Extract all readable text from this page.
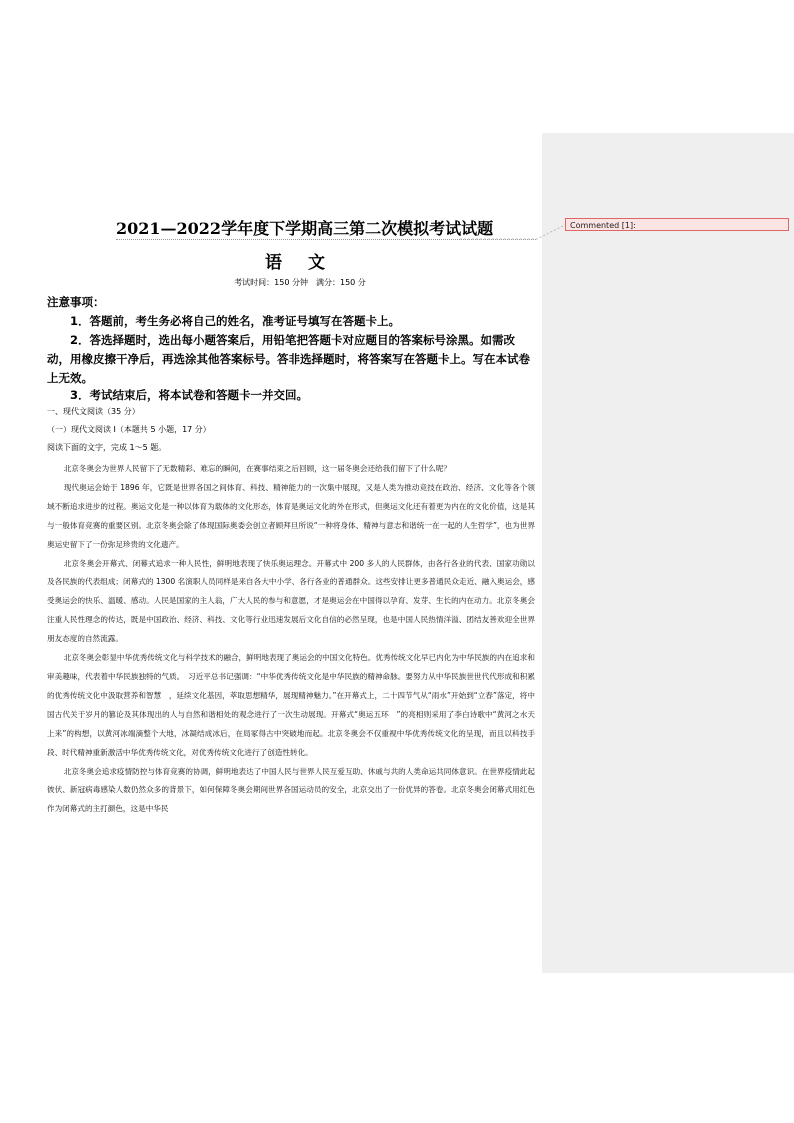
2021—2022学年度下学期高三第二次模拟考试试题
语 文
考试时间：150 分钟　满分：150 分
注意事项：
1．答题前，考生务必将自己的姓名，准考证号填写在答题卡上。
2．答选择题时，选出每小题答案后，用铅笔把答题卡对应题目的答案标号涂黑。如需改动，用橡皮擦干净后，再选涂其他答案标号。答非选择题时，将答案写在答题卡上。写在本试卷上无效。
3．考试结束后，将本试卷和答题卡一并交回。
一、现代文阅读（35 分）
（一）现代文阅读 I（本题共 5 小题，17 分）
阅读下面的文字，完成 1～5 题。

北京冬奥会为世界人民留下了无数精彩、难忘的瞬间，在赛事结束之后回顾，这一届冬奥会还给我们留下了什么呢？

现代奥运会始于 1896 年，它既是世界各国之间体育、科技、精神能力的一次集中展现，又是人类为推动竞技在政治、经济、文化等各个领域不断追求进步的过程。奥运文化是一种以体育为载体的文化形态，体育是奥运文化的外在形式，但奥运文化还有着更为内在的文化价值，这是其与一般体育竞赛的重要区别。北京冬奥会除了体现国际奥委会创立者顾拜旦所说“一种将身体、精神与意志和谐统一在一起的人生哲学”，也为世界奥运史留下了一份弥足珍贵的文化遗产。

北京冬奥会开幕式、闭幕式追求一种人民性，鲜明地表现了快乐奥运理念。开幕式中 200 多人的人民群体，由各行各业的代表、国家功勋以及各民族的代表组成；闭幕式的 1300 名演职人员同样是来自各大中小学、各行各业的普通群众。这些安排让更多普通民众走近、融入奥运会，感受奥运会的快乐、温暖、感动。人民是国家的主人翁，广大人民的参与和意愿，才是奥运会在中国得以孕育、发芽、生长的内在动力。北京冬奥会注重人民性理念的传达，既是中国政治、经济、科技、文化等行业迅速发展后文化自信的必然呈现，也是中国人民热情洋溢、团结友善欢迎全世界朋友态度的自然流露。

北京冬奥会彰显中华优秀传统文化与科学技术的融合，鲜明地表现了奥运会的中国文化特色。优秀传统文化早已内化为中华民族的内在追求和审美趣味，代表着中华民族独特的气质。　习近平总书记强调：“中华优秀传统文化是中华民族的精神命脉。要努力从中华民族世世代代形成和积累的优秀传统文化中汲取营养和智慧　，延续文化基因，萃取思想精华，展现精神魅力。”在开幕式上，二十四节气从“雨水”开始到“立春”落定，将中国古代关于岁月的篡论及其体现出的人与自然和谐相处的观念进行了一次生动展现。开幕式“奥运五环　”的亮相则采用了李白诗歌中“黄河之水天上来”的构想，以黄河冰端滴整个大地，冰凝结成冰后，在局冢得古中突破地而起。北京冬奥会不仅重视中华优秀传统文化的呈现，而且以科技手段、时代精神重新激活中华优秀传统文化，对优秀传统文化进行了创造性转化。

北京冬奥会追求疫情防控与体育竞赛的协调，鲜明地表达了中国人民与世界人民互爱互助、休戚与共的人类命运共同体意识。在世界疫情此起彼伏、新冠病毒感染人数仍然众多的背景下，如何保障冬奥会期间世界各国运动员的安全，北京交出了一份优异的答卷。北京冬奥会闭幕式用红色作为闭幕式的主打颜色，这是中华民

Commented [1]:
